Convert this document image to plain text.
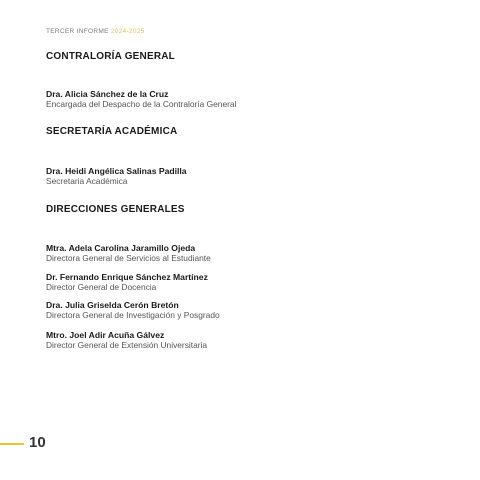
TERCER INFORME 2024-2025
CONTRALORÍA GENERAL
Dra. Alicia Sánchez de la Cruz
Encargada del Despacho de la Contraloría General
SECRETARÍA ACADÉMICA
Dra. Heidi Angélica Salinas Padilla
Secretaria Académica
DIRECCIONES GENERALES
Mtra. Adela Carolina Jaramillo Ojeda
Directora General de Servicios al Estudiante
Dr. Fernando Enrique Sánchez Martínez
Director General de Docencia
Dra. Julia Griselda Cerón Bretón
Directora General de Investigación y Posgrado
Mtro. Joel Adir Acuña Gálvez
Director General de Extensión Universitaria
10
